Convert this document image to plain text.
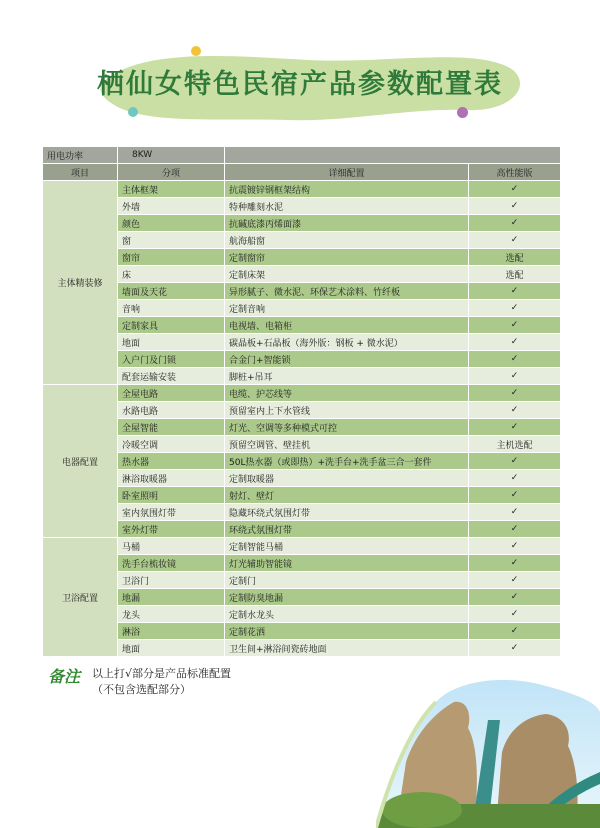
栖仙女特色民宿产品参数配置表
用电功率	8KW		
项目	分项	详细配置	高性能版
主体精装修	主体框架	抗震镀锌钢框架结构	✓
	外墙	特种雕刻水泥	✓
	颜色	抗碱底漆丙烯面漆	✓
	窗	航海船窗	✓
	窗帘	定制窗帘	选配
	床	定制床架	选配
	墙面及天花	异形腻子、微水泥、环保艺术涂料、竹纤板	✓
	音响	定制音响	✓
	定制家具	电视墙、电箱柜	✓
	地面	碳晶板+石晶板（海外版：钢板 + 微水泥）	✓
	入户门及门锁	合金门+智能锁	✓
	配套运输安装	脚桩+吊耳	✓
电器配置	全屋电路	电缆、护芯线等	✓
	水路电路	预留室内上下水管线	✓
	全屋智能	灯光、空调等多种模式可控	✓
	冷暖空调	预留空调管、壁挂机	主机选配
	热水器	50L热水器（或即热）+洗手台+洗手盆三合一套件	✓
	淋浴取暖器	定制取暖器	✓
	卧室照明	射灯、壁灯	✓
	室内氛围灯带	隐藏环绕式氛围灯带	✓
	室外灯带	环绕式氛围灯带	✓
卫浴配置	马桶	定制智能马桶	✓
	洗手台梳妆镜	灯光辅助智能镜	✓
	卫浴门	定制门	✓
	地漏	定制防臭地漏	✓
	龙头	定制水龙头	✓
	淋浴	定制花洒	✓
	地面	卫生间+淋浴间瓷砖地面	✓
备注 以上打√部分是产品标准配置
（不包含选配部分）
